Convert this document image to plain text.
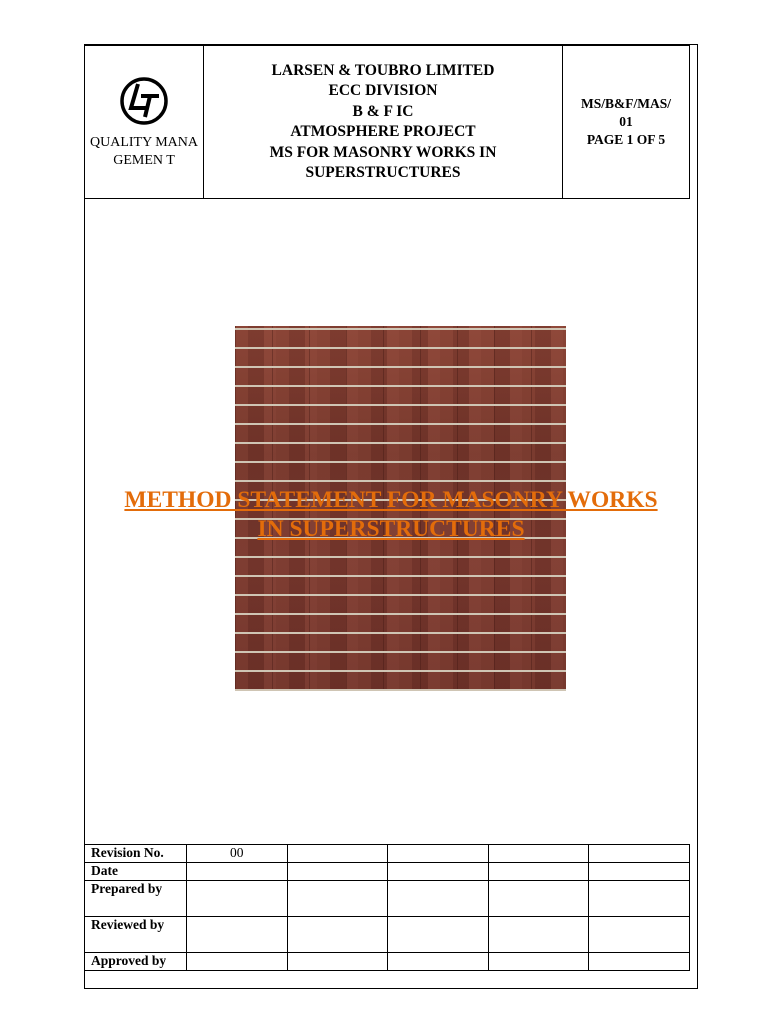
QUALITY MANAGEMEN T

LARSEN & TOUBRO LIMITED
ECC DIVISION
B & F IC
ATMOSPHERE PROJECT
MS FOR MASONRY WORKS IN
SUPERSTRUCTURES

MS/B&F/MAS/
01
PAGE 1 OF 5
METHOD STATEMENT FOR MASONRY WORKS
IN SUPERSTRUCTURES
Revision No.	00				
Date					
Prepared by					
Reviewed by					
Approved by					
